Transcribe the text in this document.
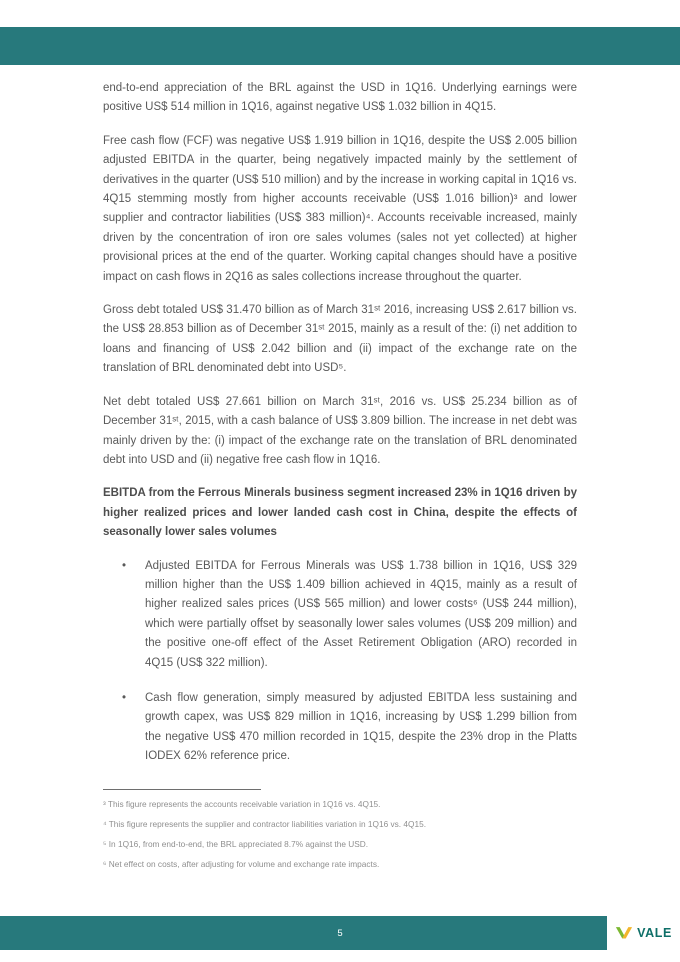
end-to-end appreciation of the BRL against the USD in 1Q16. Underlying earnings were positive US$ 514 million in 1Q16, against negative US$ 1.032 billion in 4Q15.

Free cash flow (FCF) was negative US$ 1.919 billion in 1Q16, despite the US$ 2.005 billion adjusted EBITDA in the quarter, being negatively impacted mainly by the settlement of derivatives in the quarter (US$ 510 million) and by the increase in working capital in 1Q16 vs. 4Q15 stemming mostly from higher accounts receivable (US$ 1.016 billion)³ and lower supplier and contractor liabilities (US$ 383 million)⁴. Accounts receivable increased, mainly driven by the concentration of iron ore sales volumes (sales not yet collected) at higher provisional prices at the end of the quarter. Working capital changes should have a positive impact on cash flows in 2Q16 as sales collections increase throughout the quarter.

Gross debt totaled US$ 31.470 billion as of March 31ˢᵗ 2016, increasing US$ 2.617 billion vs. the US$ 28.853 billion as of December 31ˢᵗ 2015, mainly as a result of the: (i) net addition to loans and financing of US$ 2.042 billion and (ii) impact of the exchange rate on the translation of BRL denominated debt into USD⁵.

Net debt totaled US$ 27.661 billion on March 31ˢᵗ, 2016 vs. US$ 25.234 billion as of December 31ˢᵗ, 2015, with a cash balance of US$ 3.809 billion. The increase in net debt was mainly driven by the: (i) impact of the exchange rate on the translation of BRL denominated debt into USD and (ii) negative free cash flow in 1Q16.

EBITDA from the Ferrous Minerals business segment increased 23% in 1Q16 driven by higher realized prices and lower landed cash cost in China, despite the effects of seasonally lower sales volumes

• Adjusted EBITDA for Ferrous Minerals was US$ 1.738 billion in 1Q16, US$ 329 million higher than the US$ 1.409 billion achieved in 4Q15, mainly as a result of higher realized sales prices (US$ 565 million) and lower costs⁶ (US$ 244 million), which were partially offset by seasonally lower sales volumes (US$ 209 million) and the positive one-off effect of the Asset Retirement Obligation (ARO) recorded in 4Q15 (US$ 322 million).
• Cash flow generation, simply measured by adjusted EBITDA less sustaining and growth capex, was US$ 829 million in 1Q16, increasing by US$ 1.299 billion from the negative US$ 470 million recorded in 1Q15, despite the 23% drop in the Platts IODEX 62% reference price.

³ This figure represents the accounts receivable variation in 1Q16 vs. 4Q15.

⁴ This figure represents the supplier and contractor liabilities variation in 1Q16 vs. 4Q15.

⁵ In 1Q16, from end-to-end, the BRL appreciated 8.7% against the USD.

⁶ Net effect on costs, after adjusting for volume and exchange rate impacts.

5	VALE
